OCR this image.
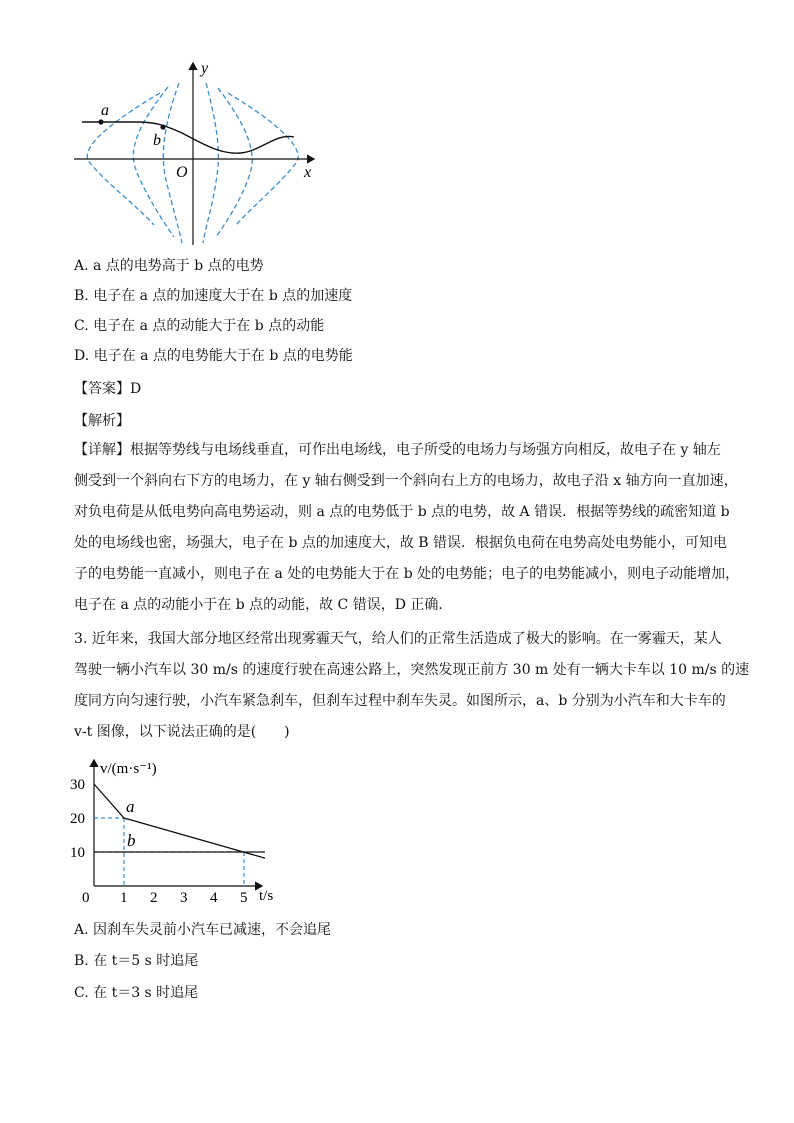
a
b
y
x
O
A. a 点的电势高于 b 点的电势
B. 电子在 a 点的加速度大于在 b 点的加速度
C. 电子在 a 点的动能大于在 b 点的动能
D. 电子在 a 点的电势能大于在 b 点的电势能
【答案】D
【解析】
【详解】根据等势线与电场线垂直，可作出电场线，电子所受的电场力与场强方向相反，故电子在 y 轴左
侧受到一个斜向右下方的电场力，在 y 轴右侧受到一个斜向右上方的电场力，故电子沿 x 轴方向一直加速，
对负电荷是从低电势向高电势运动，则 a 点的电势低于 b 点的电势，故 A 错误．根据等势线的疏密知道 b
处的电场线也密，场强大，电子在 b 点的加速度大，故 B 错误．根据负电荷在电势高处电势能小，可知电
子的电势能一直减小，则电子在 a 处的电势能大于在 b 处的电势能；电子的电势能减小，则电子动能增加，
电子在 a 点的动能小于在 b 点的动能，故 C 错误，D 正确．
3. 近年来，我国大部分地区经常出现雾霾天气，给人们的正常生活造成了极大的影响。在一雾霾天，某人
驾驶一辆小汽车以 30 m/s 的速度行驶在高速公路上，突然发现正前方 30 m 处有一辆大卡车以 10 m/s 的速
度同方向匀速行驶，小汽车紧急刹车，但刹车过程中刹车失灵。如图所示，a、b 分别为小汽车和大卡车的
v-t 图像，以下说法正确的是(　　)
v/(m·s⁻¹)
t/s
0 1 2 3 4 5
10
20
30
a
b
A. 因刹车失灵前小汽车已减速，不会追尾
B. 在 t＝5 s 时追尾
C. 在 t＝3 s 时追尾
